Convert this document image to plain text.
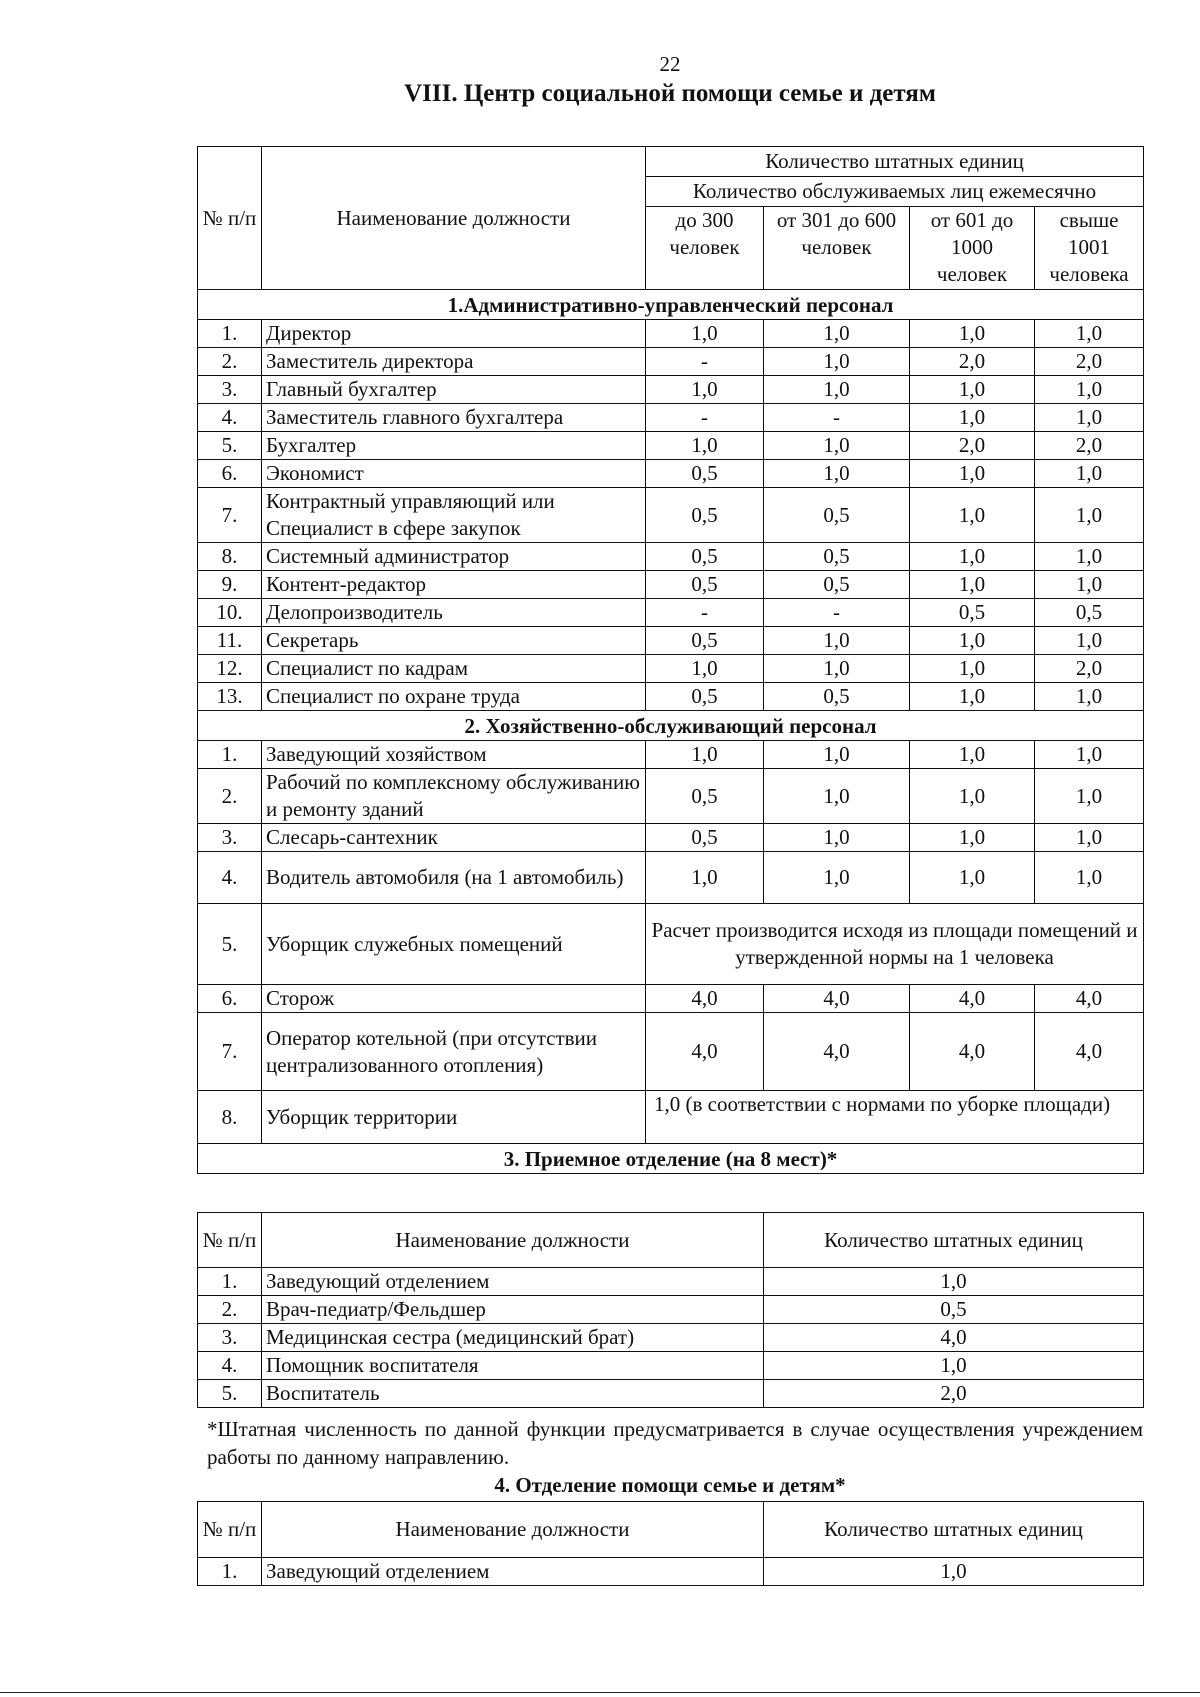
22
VIII. Центр социальной помощи семье и детям
№ п/п	Наименование должности	Количество штатных единиц			
		Количество обслуживаемых лиц ежемесячно			
		до 300 человек	от 301 до 600 человек	от 601 до 1000 человек	свыше 1001 человека
1.Административно-управленческий персонал					
1.	Директор	1,0	1,0	1,0	1,0
2.	Заместитель директора	-	1,0	2,0	2,0
3.	Главный бухгалтер	1,0	1,0	1,0	1,0
4.	Заместитель главного бухгалтера	-	-	1,0	1,0
5.	Бухгалтер	1,0	1,0	2,0	2,0
6.	Экономист	0,5	1,0	1,0	1,0
7.	Контрактный управляющий или Специалист в сфере закупок	0,5	0,5	1,0	1,0
8.	Системный администратор	0,5	0,5	1,0	1,0
9.	Контент-редактор	0,5	0,5	1,0	1,0
10.	Делопроизводитель	-	-	0,5	0,5
11.	Секретарь	0,5	1,0	1,0	1,0
12.	Специалист по кадрам	1,0	1,0	1,0	2,0
13.	Специалист по охране труда	0,5	0,5	1,0	1,0
2. Хозяйственно-обслуживающий персонал					
1.	Заведующий хозяйством	1,0	1,0	1,0	1,0
2.	Рабочий по комплексному обслуживанию и ремонту зданий	0,5	1,0	1,0	1,0
3.	Слесарь-сантехник	0,5	1,0	1,0	1,0
4.	Водитель автомобиля (на 1 автомобиль)	1,0	1,0	1,0	1,0
5.	Уборщик служебных помещений	Расчет производится исходя из площади помещений и утвержденной нормы на 1 человека			
6.	Сторож	4,0	4,0	4,0	4,0
7.	Оператор котельной (при отсутствии централизованного отопления)	4,0	4,0	4,0	4,0
8.	Уборщик территории	1,0 (в соответствии с нормами по уборке площади)			
3. Приемное отделение (на 8 мест)*					
№ п/п	Наименование должности	Количество штатных единиц
1.	Заведующий отделением	1,0
2.	Врач-педиатр/Фельдшер	0,5
3.	Медицинская сестра (медицинский брат)	4,0
4.	Помощник воспитателя	1,0
5.	Воспитатель	2,0
*Штатная численность по данной функции предусматривается в случае осуществления учреждением работы по данному направлению.
4. Отделение помощи семье и детям*
№ п/п	Наименование должности	Количество штатных единиц
1.	Заведующий отделением	1,0
